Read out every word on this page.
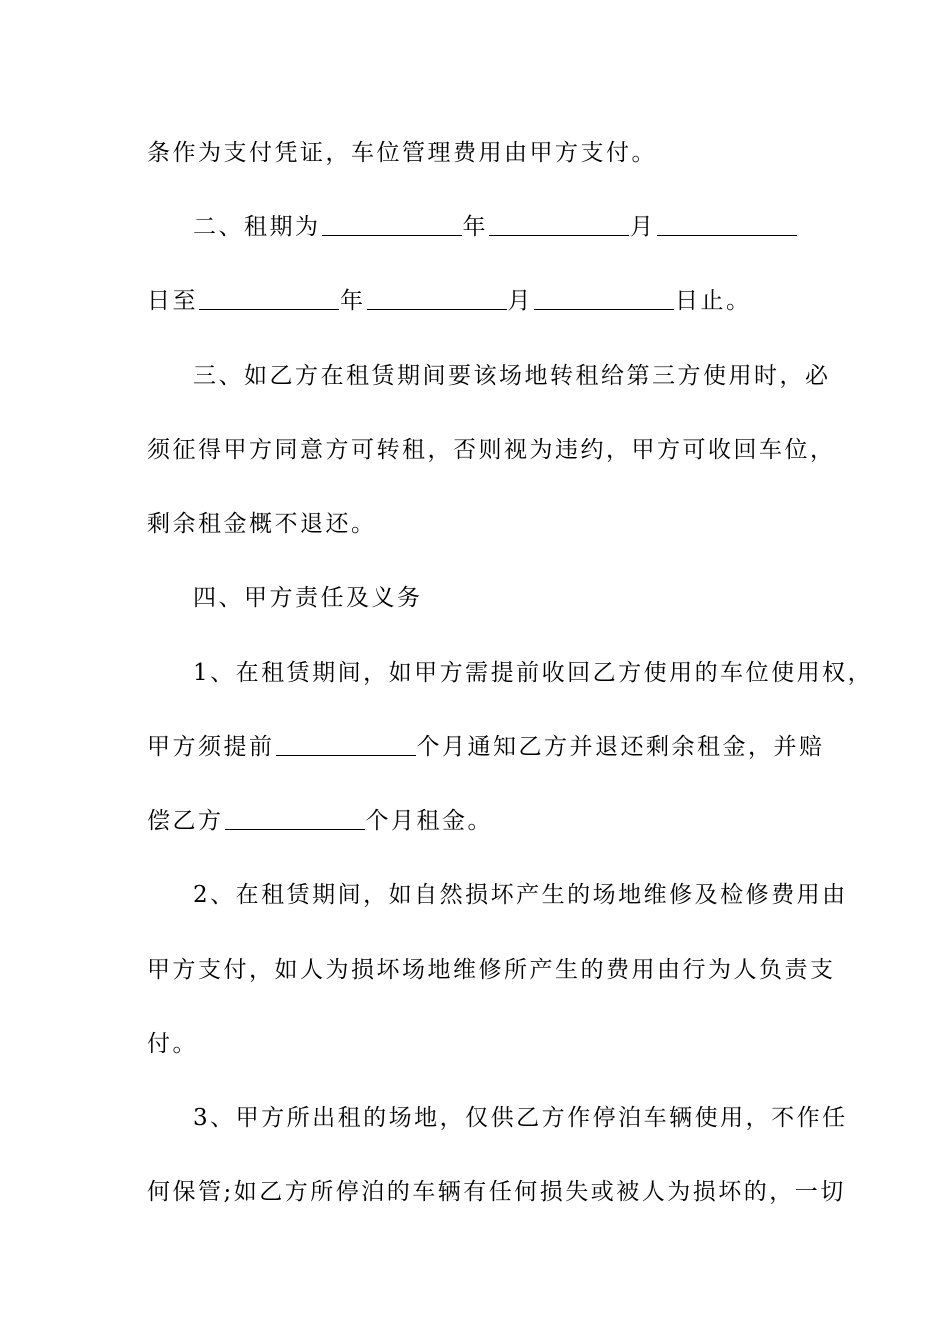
条作为支付凭证，车位管理费用由甲方支付。
二、租期为	年	月
日至	年	月	日止。
三、如乙方在租赁期间要该场地转租给第三方使用时，必
须征得甲方同意方可转租，否则视为违约，甲方可收回车位，
剩余租金概不退还。
四、甲方责任及义务
1、在租赁期间，如甲方需提前收回乙方使用的车位使用权，
甲方须提前	个月通知乙方并退还剩余租金，并赔
偿乙方	个月租金。
2、在租赁期间，如自然损坏产生的场地维修及检修费用由
甲方支付，如人为损坏场地维修所产生的费用由行为人负责支
付。
3、甲方所出租的场地，仅供乙方作停泊车辆使用，不作任
何保管;如乙方所停泊的车辆有任何损失或被人为损坏的，一切
